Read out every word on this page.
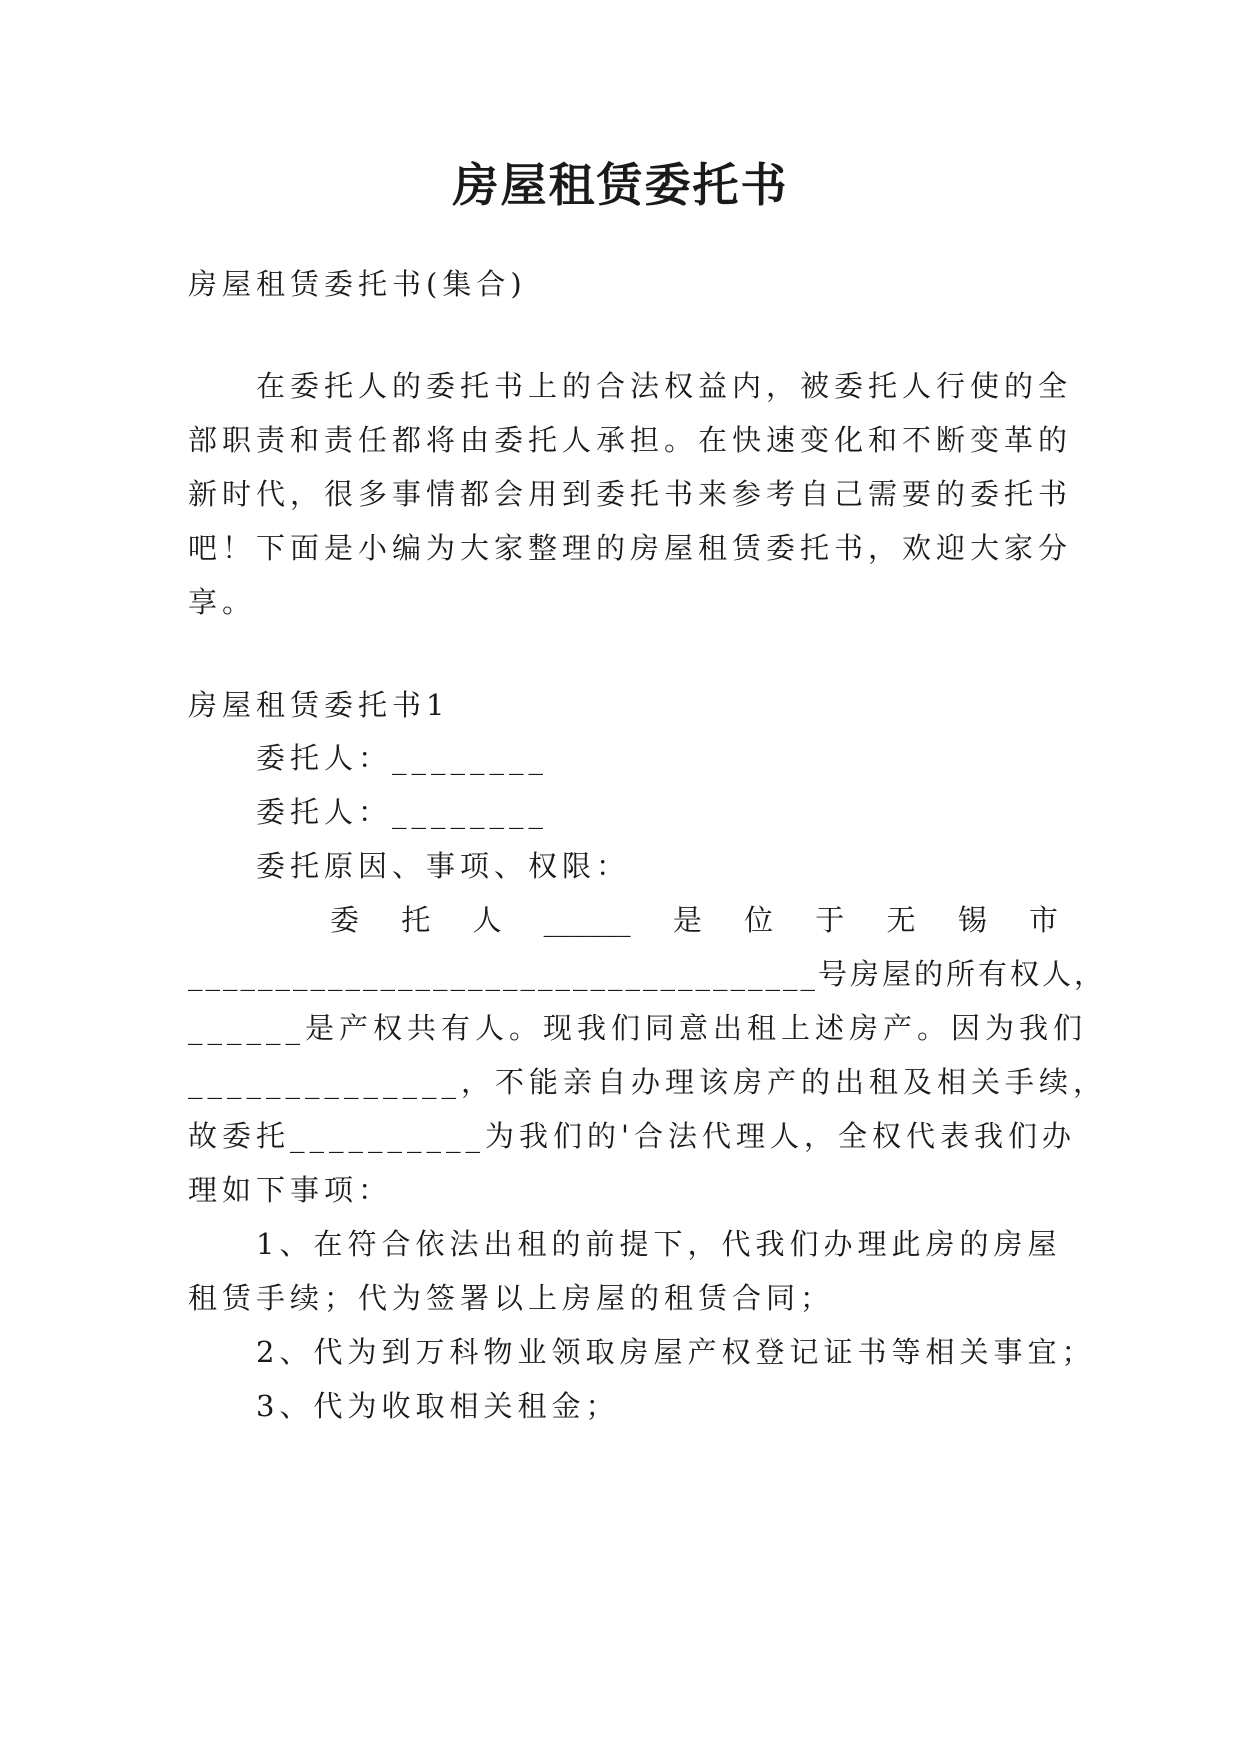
房屋租赁委托书
房屋租赁委托书(集合)
　　在委托人的委托书上的合法权益内，被委托人行使的全
部职责和责任都将由委托人承担。在快速变化和不断变革的
新时代，很多事情都会用到委托书来参考自己需要的委托书
吧！下面是小编为大家整理的房屋租赁委托书，欢迎大家分
享。
房屋租赁委托书1
　　委托人：________
　　委托人：________
　　委托原因、事项、权限：
委 托 人 ______ 是 位 于 无 锡 市
____________________________________号房屋的所有权人，
______是产权共有人。现我们同意出租上述房产。因为我们
______________，不能亲自办理该房产的出租及相关手续，
故委托__________为我们的'合法代理人，全权代表我们办
理如下事项：
　　1、在符合依法出租的前提下，代我们办理此房的房屋
租赁手续；代为签署以上房屋的租赁合同；
　　2、代为到万科物业领取房屋产权登记证书等相关事宜；
　　3、代为收取相关租金；
